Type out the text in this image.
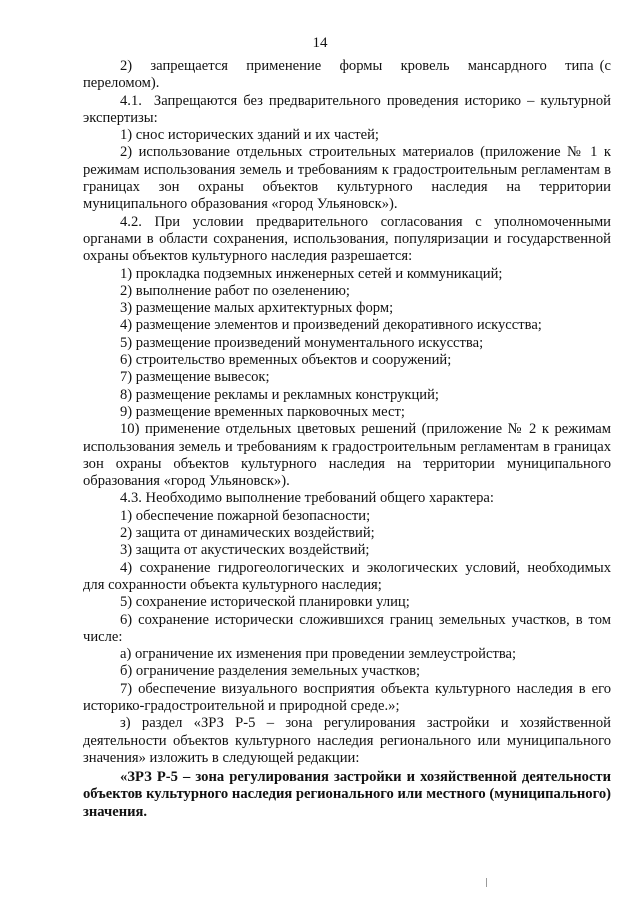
14

2)   запрещается   применение   формы   кровель   мансардного   типа (с переломом).

4.1.  Запрещаются без предварительного проведения историко – культурной экспертизы:

1) снос исторических зданий и их частей;

2) использование отдельных строительных материалов (приложение № 1 к режимам использования земель и требованиям к градостроительным регламентам в границах зон охраны объектов культурного наследия на территории муниципального образования «город Ульяновск»).

4.2. При условии предварительного согласования с уполномоченными органами в области сохранения, использования, популяризации и государственной охраны объектов культурного наследия разрешается:

1) прокладка подземных инженерных сетей и коммуникаций;

2) выполнение работ по озеленению;

3) размещение малых архитектурных форм;

4) размещение элементов и произведений декоративного искусства;

5) размещение произведений монументального искусства;

6) строительство временных объектов и сооружений;

7) размещение вывесок;

8) размещение рекламы и рекламных конструкций;

9) размещение временных парковочных мест;

10) применение отдельных цветовых решений (приложение № 2 к режимам использования земель и требованиям к градостроительным регламентам в границах зон охраны объектов культурного наследия на территории муниципального образования «город Ульяновск»).

4.3. Необходимо выполнение требований общего характера:

1) обеспечение пожарной безопасности;

2) защита от динамических воздействий;

3) защита от акустических воздействий;

4) сохранение гидрогеологических и экологических условий, необходимых для сохранности объекта культурного наследия;

5) сохранение исторической планировки улиц;

6) сохранение исторически сложившихся границ земельных участков, в том числе:

а) ограничение их изменения при проведении землеустройства;

б) ограничение разделения земельных участков;

7) обеспечение визуального восприятия объекта культурного наследия в его историко-градостроительной и природной среде.»;

з) раздел «ЗРЗ Р-5 – зона регулирования застройки и хозяйственной деятельности объектов культурного наследия регионального или муниципального значения» изложить в следующей редакции:

«ЗРЗ Р-5 – зона регулирования застройки и хозяйственной деятельности объектов культурного наследия регионального или местного (муниципального) значения.
